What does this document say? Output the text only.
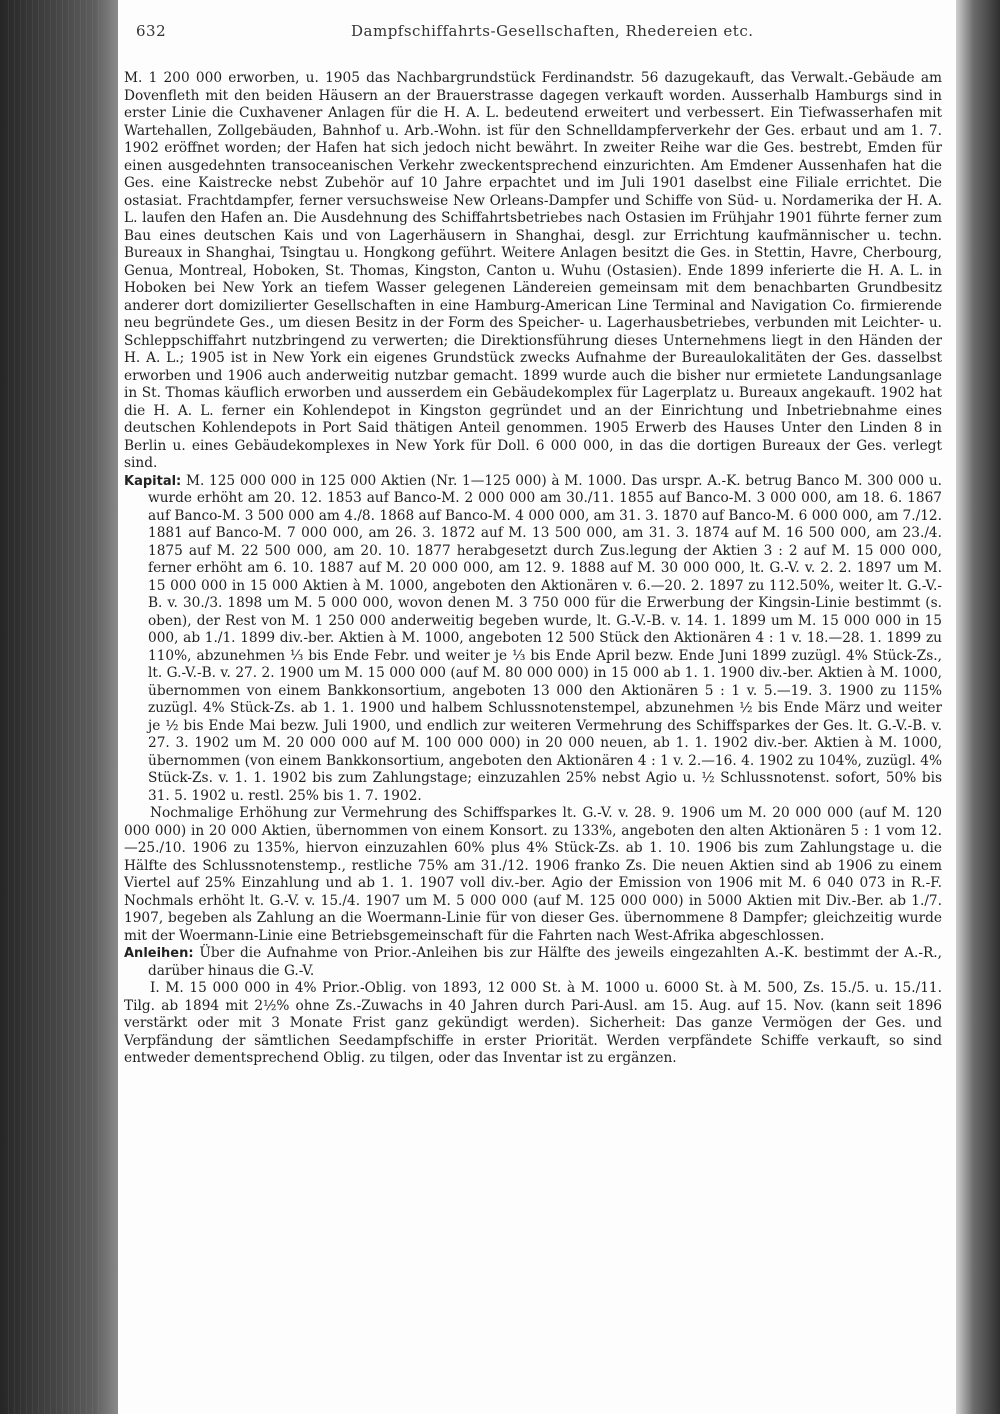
632	Dampfschiffahrts-Gesellschaften, Rhedereien etc.

M. 1 200 000 erworben, u. 1905 das Nachbargrundstück Ferdinandstr. 56 dazugekauft, das Verwalt.-Gebäude am Dovenfleth mit den beiden Häusern an der Brauerstrasse dagegen verkauft worden. Ausserhalb Hamburgs sind in erster Linie die Cuxhavener Anlagen für die H. A. L. bedeutend erweitert und verbessert. Ein Tiefwasserhafen mit Wartehallen, Zollgebäuden, Bahnhof u. Arb.-Wohn. ist für den Schnelldampferverkehr der Ges. erbaut und am 1. 7. 1902 eröffnet worden; der Hafen hat sich jedoch nicht bewährt. In zweiter Reihe war die Ges. bestrebt, Emden für einen ausgedehnten transoceanischen Verkehr zweckentsprechend einzurichten. Am Emdener Aussenhafen hat die Ges. eine Kaistrecke nebst Zubehör auf 10 Jahre erpachtet und im Juli 1901 daselbst eine Filiale errichtet. Die ostasiat. Frachtdampfer, ferner versuchsweise New Orleans-Dampfer und Schiffe von Süd- u. Nordamerika der H. A. L. laufen den Hafen an. Die Ausdehnung des Schiffahrtsbetriebes nach Ostasien im Frühjahr 1901 führte ferner zum Bau eines deutschen Kais und von Lagerhäusern in Shanghai, desgl. zur Errichtung kaufmännischer u. techn. Bureaux in Shanghai, Tsingtau u. Hongkong geführt. Weitere Anlagen besitzt die Ges. in Stettin, Havre, Cherbourg, Genua, Montreal, Hoboken, St. Thomas, Kingston, Canton u. Wuhu (Ostasien). Ende 1899 inferierte die H. A. L. in Hoboken bei New York an tiefem Wasser gelegenen Ländereien gemeinsam mit dem benachbarten Grundbesitz anderer dort domizilierter Gesellschaften in eine Hamburg-American Line Terminal and Navigation Co. firmierende neu begründete Ges., um diesen Besitz in der Form des Speicher- u. Lagerhausbetriebes, verbunden mit Leichter- u. Schleppschiffahrt nutzbringend zu verwerten; die Direktionsführung dieses Unternehmens liegt in den Händen der H. A. L.; 1905 ist in New York ein eigenes Grundstück zwecks Aufnahme der Bureaulokalitäten der Ges. dasselbst erworben und 1906 auch anderweitig nutzbar gemacht. 1899 wurde auch die bisher nur ermietete Landungsanlage in St. Thomas käuflich erworben und ausserdem ein Gebäudekomplex für Lagerplatz u. Bureaux angekauft. 1902 hat die H. A. L. ferner ein Kohlendepot in Kingston gegründet und an der Einrichtung und Inbetriebnahme eines deutschen Kohlendepots in Port Said thätigen Anteil genommen. 1905 Erwerb des Hauses Unter den Linden 8 in Berlin u. eines Gebäudekomplexes in New York für Doll. 6 000 000, in das die dortigen Bureaux der Ges. verlegt sind.

Kapital: M. 125 000 000 in 125 000 Aktien (Nr. 1—125 000) à M. 1000. Das urspr. A.-K. betrug Banco M. 300 000 u. wurde erhöht am 20. 12. 1853 auf Banco-M. 2 000 000 am 30./11. 1855 auf Banco-M. 3 000 000, am 18. 6. 1867 auf Banco-M. 3 500 000 am 4./8. 1868 auf Banco-M. 4 000 000, am 31. 3. 1870 auf Banco-M. 6 000 000, am 7./12. 1881 auf Banco-M. 7 000 000, am 26. 3. 1872 auf M. 13 500 000, am 31. 3. 1874 auf M. 16 500 000, am 23./4. 1875 auf M. 22 500 000, am 20. 10. 1877 herabgesetzt durch Zus.legung der Aktien 3 : 2 auf M. 15 000 000, ferner erhöht am 6. 10. 1887 auf M. 20 000 000, am 12. 9. 1888 auf M. 30 000 000, lt. G.-V. v. 2. 2. 1897 um M. 15 000 000 in 15 000 Aktien à M. 1000, angeboten den Aktionären v. 6.—20. 2. 1897 zu 112.50%, weiter lt. G.-V.-B. v. 30./3. 1898 um M. 5 000 000, wovon denen M. 3 750 000 für die Erwerbung der Kingsin-Linie bestimmt (s. oben), der Rest von M. 1 250 000 anderweitig begeben wurde, lt. G.-V.-B. v. 14. 1. 1899 um M. 15 000 000 in 15 000, ab 1./1. 1899 div.-ber. Aktien à M. 1000, angeboten 12 500 Stück den Aktionären 4 : 1 v. 18.—28. 1. 1899 zu 110%, abzunehmen ⅓ bis Ende Febr. und weiter je ⅓ bis Ende April bezw. Ende Juni 1899 zuzügl. 4% Stück-Zs., lt. G.-V.-B. v. 27. 2. 1900 um M. 15 000 000 (auf M. 80 000 000) in 15 000 ab 1. 1. 1900 div.-ber. Aktien à M. 1000, übernommen von einem Bankkonsortium, angeboten 13 000 den Aktionären 5 : 1 v. 5.—19. 3. 1900 zu 115% zuzügl. 4% Stück-Zs. ab 1. 1. 1900 und halbem Schlussnotenstempel, abzunehmen ½ bis Ende März und weiter je ½ bis Ende Mai bezw. Juli 1900, und endlich zur weiteren Vermehrung des Schiffsparkes der Ges. lt. G.-V.-B. v. 27. 3. 1902 um M. 20 000 000 auf M. 100 000 000) in 20 000 neuen, ab 1. 1. 1902 div.-ber. Aktien à M. 1000, übernommen (von einem Bankkonsortium, angeboten den Aktionären 4 : 1 v. 2.—16. 4. 1902 zu 104%, zuzügl. 4% Stück-Zs. v. 1. 1. 1902 bis zum Zahlungstage; einzuzahlen 25% nebst Agio u. ½ Schlussnotenst. sofort, 50% bis 31. 5. 1902 u. restl. 25% bis 1. 7. 1902.

Nochmalige Erhöhung zur Vermehrung des Schiffsparkes lt. G.-V. v. 28. 9. 1906 um M. 20 000 000 (auf M. 120 000 000) in 20 000 Aktien, übernommen von einem Konsort. zu 133%, angeboten den alten Aktionären 5 : 1 vom 12.—25./10. 1906 zu 135%, hiervon einzuzahlen 60% plus 4% Stück-Zs. ab 1. 10. 1906 bis zum Zahlungstage u. die Hälfte des Schlussnotenstemp., restliche 75% am 31./12. 1906 franko Zs. Die neuen Aktien sind ab 1906 zu einem Viertel auf 25% Einzahlung und ab 1. 1. 1907 voll div.-ber. Agio der Emission von 1906 mit M. 6 040 073 in R.-F. Nochmals erhöht lt. G.-V. v. 15./4. 1907 um M. 5 000 000 (auf M. 125 000 000) in 5000 Aktien mit Div.-Ber. ab 1./7. 1907, begeben als Zahlung an die Woermann-Linie für von dieser Ges. übernommene 8 Dampfer; gleichzeitig wurde mit der Woermann-Linie eine Betriebsgemeinschaft für die Fahrten nach West-Afrika abgeschlossen.

Anleihen: Über die Aufnahme von Prior.-Anleihen bis zur Hälfte des jeweils eingezahlten A.-K. bestimmt der A.-R., darüber hinaus die G.-V.

I. M. 15 000 000 in 4% Prior.-Oblig. von 1893, 12 000 St. à M. 1000 u. 6000 St. à M. 500, Zs. 15./5. u. 15./11. Tilg. ab 1894 mit 2½% ohne Zs.-Zuwachs in 40 Jahren durch Pari-Ausl. am 15. Aug. auf 15. Nov. (kann seit 1896 verstärkt oder mit 3 Monate Frist ganz gekündigt werden). Sicherheit: Das ganze Vermögen der Ges. und Verpfändung der sämtlichen Seedampfschiffe in erster Priorität. Werden verpfändete Schiffe verkauft, so sind entweder dementsprechend Oblig. zu tilgen, oder das Inventar ist zu ergänzen.
